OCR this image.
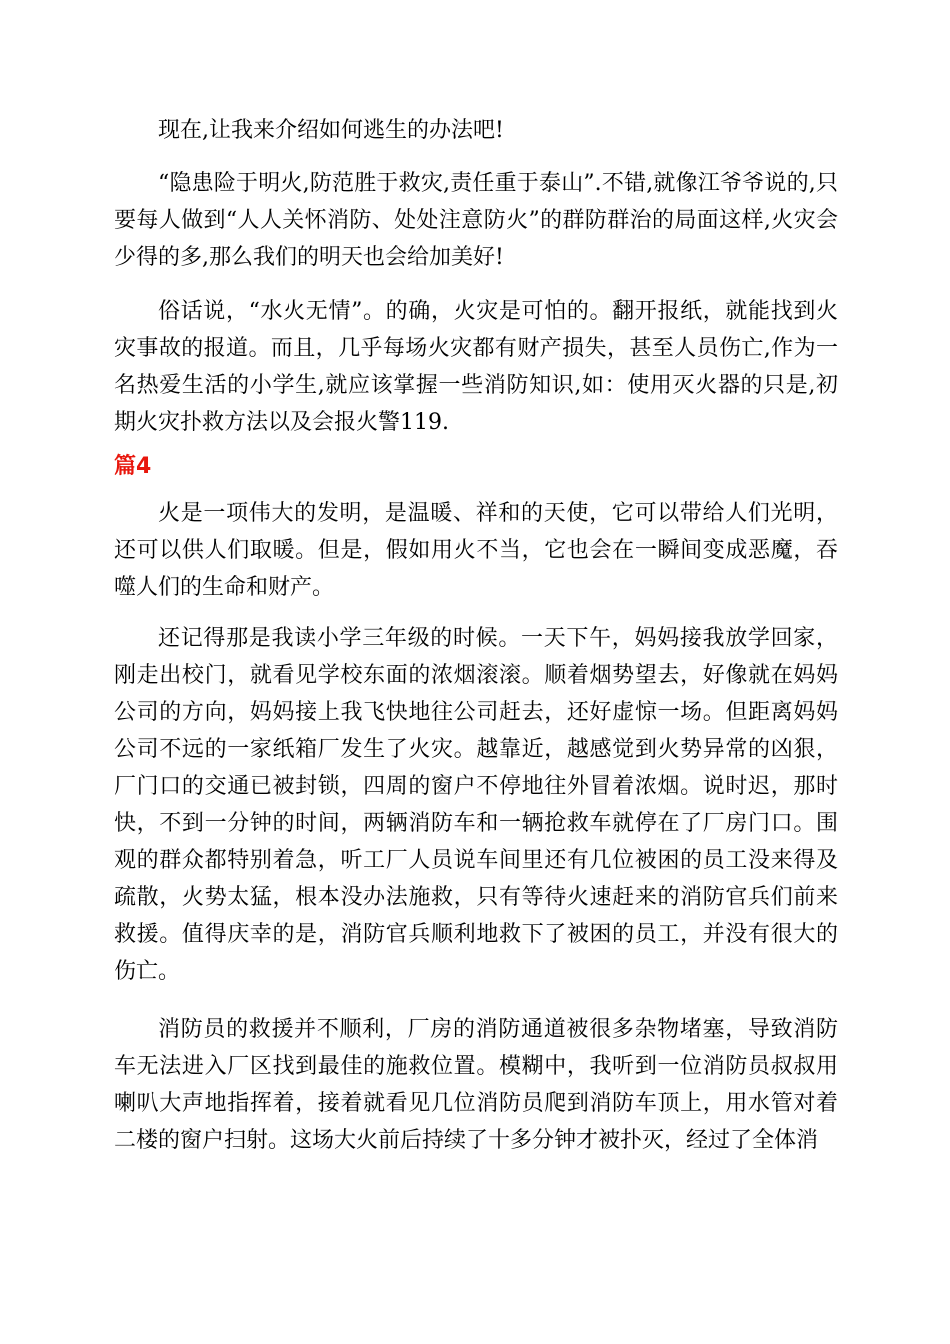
现在,让我来介绍如何逃生的办法吧!

“隐患险于明火,防范胜于救灾,责任重于泰山”.不错,就像江爷爷说的,只要每人做到“人人关怀消防、处处注意防火”的群防群治的局面这样,火灾会少得的多,那么我们的明天也会给加美好!

俗话说，“水火无情”。的确，火灾是可怕的。翻开报纸，就能找到火灾事故的报道。而且，几乎每场火灾都有财产损失，甚至人员伤亡,作为一名热爱生活的小学生,就应该掌握一些消防知识,如：使用灭火器的只是,初期火灾扑救方法以及会报火警119.

篇4

火是一项伟大的发明，是温暖、祥和的天使，它可以带给人们光明，还可以供人们取暖。但是，假如用火不当，它也会在一瞬间变成恶魔，吞噬人们的生命和财产。

还记得那是我读小学三年级的时候。一天下午，妈妈接我放学回家，刚走出校门，就看见学校东面的浓烟滚滚。顺着烟势望去，好像就在妈妈公司的方向，妈妈接上我飞快地往公司赶去，还好虚惊一场。但距离妈妈公司不远的一家纸箱厂发生了火灾。越靠近，越感觉到火势异常的凶狠，厂门口的交通已被封锁，四周的窗户不停地往外冒着浓烟。说时迟，那时快，不到一分钟的时间，两辆消防车和一辆抢救车就停在了厂房门口。围观的群众都特别着急，听工厂人员说车间里还有几位被困的员工没来得及疏散，火势太猛，根本没办法施救，只有等待火速赶来的消防官兵们前来救援。值得庆幸的是，消防官兵顺利地救下了被困的员工，并没有很大的伤亡。

消防员的救援并不顺利，厂房的消防通道被很多杂物堵塞，导致消防车无法进入厂区找到最佳的施救位置。模糊中，我听到一位消防员叔叔用喇叭大声地指挥着，接着就看见几位消防员爬到消防车顶上，用水管对着二楼的窗户扫射。这场大火前后持续了十多分钟才被扑灭，经过了全体消
